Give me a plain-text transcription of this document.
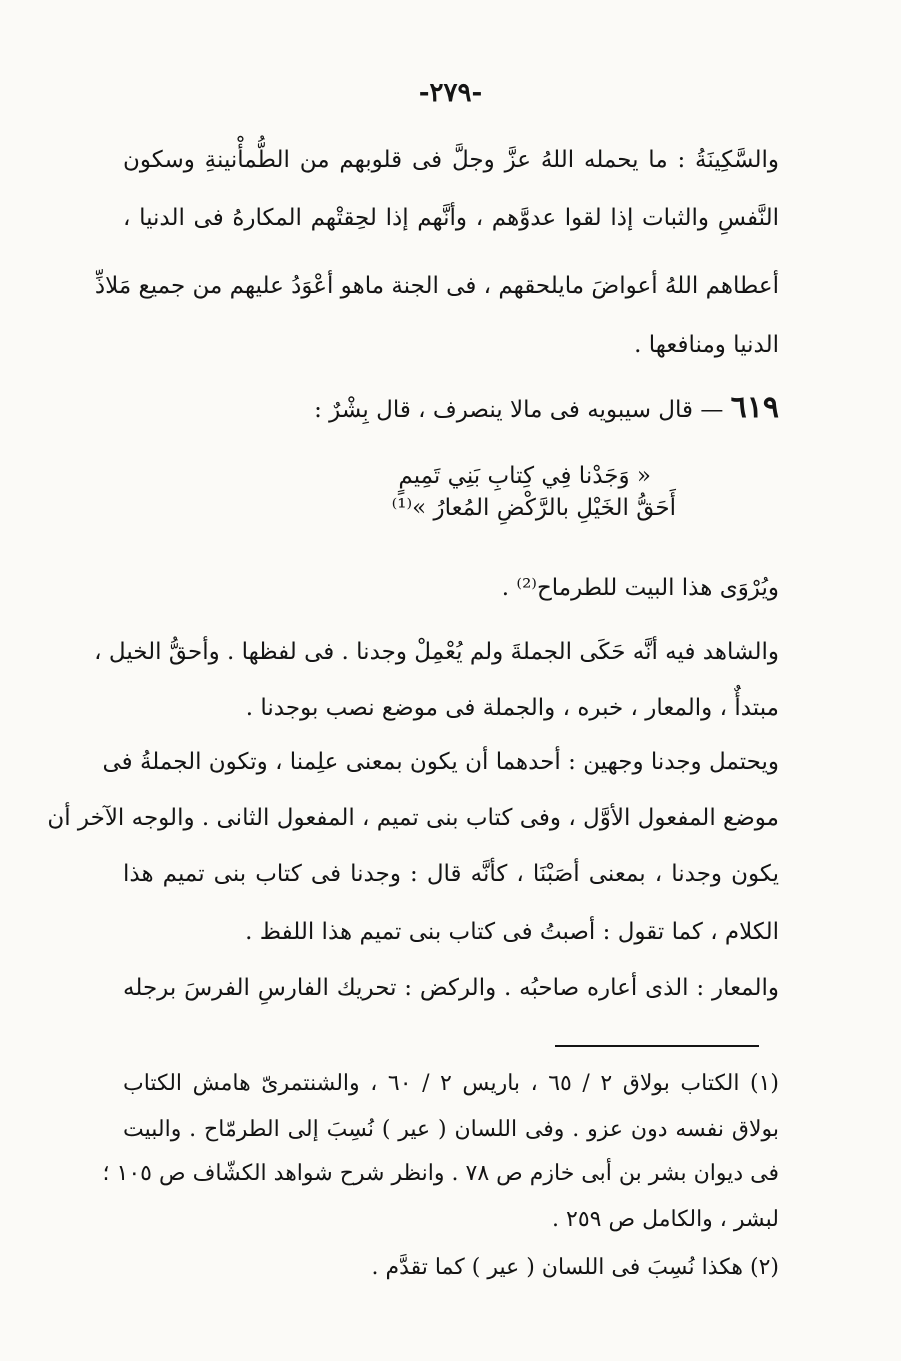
-٢٧٩-
والسَّكِينَةُ : ما يحمله اللهُ عزَّ وجلَّ فى قلوبهم من الطُّمأْنينةِ وسكون
النَّفسِ والثبات إذا لقوا عدوَّهم ، وأنَّهم إذا لحِقتْهم المكارهُ فى الدنيا ،
أعطاهم اللهُ أعواضَ مايلحقهم ، فى الجنة ماهو أعْوَدُ عليهم من جميع مَلاذِّ
الدنيا ومنافعها .
٦١٩ — قال سيبويه فى مالا ينصرف ، قال بِشْرٌ :
« وَجَدْنا فِي كِتابِ بَنِي تَمِيمٍ
أَحَقُّ الخَيْلِ بالرَّكْضِ المُعارُ »⁽¹⁾
ويُرْوَى هذا البيت للطرماح⁽²⁾ .
والشاهد فيه أنَّه حَكَى الجملةَ ولم يُعْمِلْ وجدنا . فى لفظها . وأحقُّ الخيل ،
مبتدأٌ ، والمعار ، خبره ، والجملة فى موضع نصب بوجدنا .
ويحتمل وجدنا وجهين : أحدهما أن يكون بمعنى علِمنا ، وتكون الجملةُ فى
موضع المفعول الأوَّل ، وفى كتاب بنى تميم ، المفعول الثانى . والوجه الآخر أن
يكون وجدنا ، بمعنى أصَبْنَا ، كأنَّه قال : وجدنا فى كتاب بنى تميم هذا
الكلام ، كما تقول : أصبتُ فى كتاب بنى تميم هذا اللفظ .
والمعار : الذى أعاره صاحبُه . والركض : تحريك الفارسِ الفرسَ برجله
(١) الكتاب بولاق ٢ / ٦٥ ، باريس ٢ / ٦٠ ، والشنتمرىّ هامش الكتاب
بولاق نفسه دون عزو . وفى اللسان ( عير ) نُسِبَ إلى الطرمّاح . والبيت
فى ديوان بشر بن أبى خازم ص ٧٨ . وانظر شرح شواهد الكشّاف ص ١٠٥ ؛
لبشر ، والكامل ص ٢٥٩ .
(٢) هكذا نُسِبَ فى اللسان ( عير ) كما تقدَّم .
